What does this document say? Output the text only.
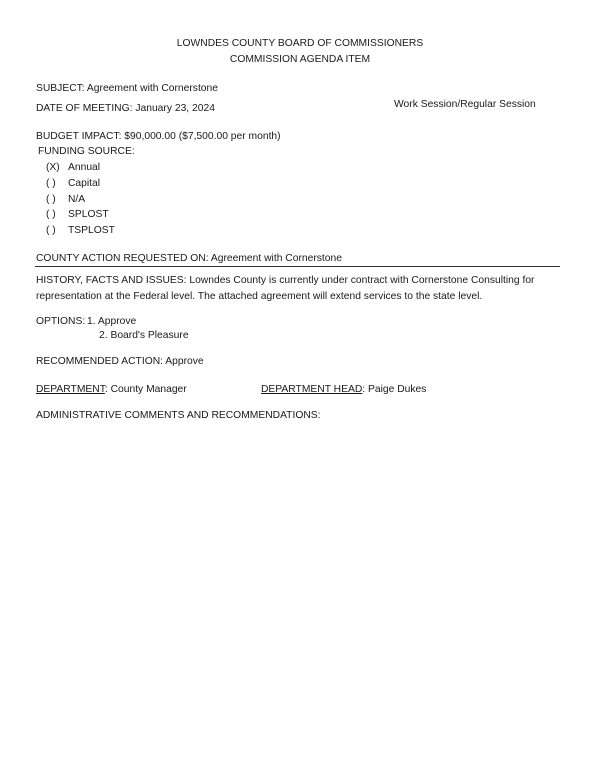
LOWNDES COUNTY BOARD OF COMMISSIONERS
COMMISSION AGENDA ITEM
SUBJECT: Agreement with Cornerstone
DATE OF MEETING: January 23, 2024	Work Session/Regular Session
BUDGET IMPACT: $90,000.00 ($7,500.00 per month)
FUNDING SOURCE:
(X) Annual
( ) Capital
( ) N/A
( ) SPLOST
( ) TSPLOST
COUNTY ACTION REQUESTED ON: Agreement with Cornerstone
HISTORY, FACTS AND ISSUES: Lowndes County is currently under contract with Cornerstone Consulting for representation at the Federal level. The attached agreement will extend services to the state level.
OPTIONS: 1. Approve
2. Board's Pleasure
RECOMMENDED ACTION: Approve
DEPARTMENT: County Manager	DEPARTMENT HEAD: Paige Dukes
ADMINISTRATIVE COMMENTS AND RECOMMENDATIONS:
